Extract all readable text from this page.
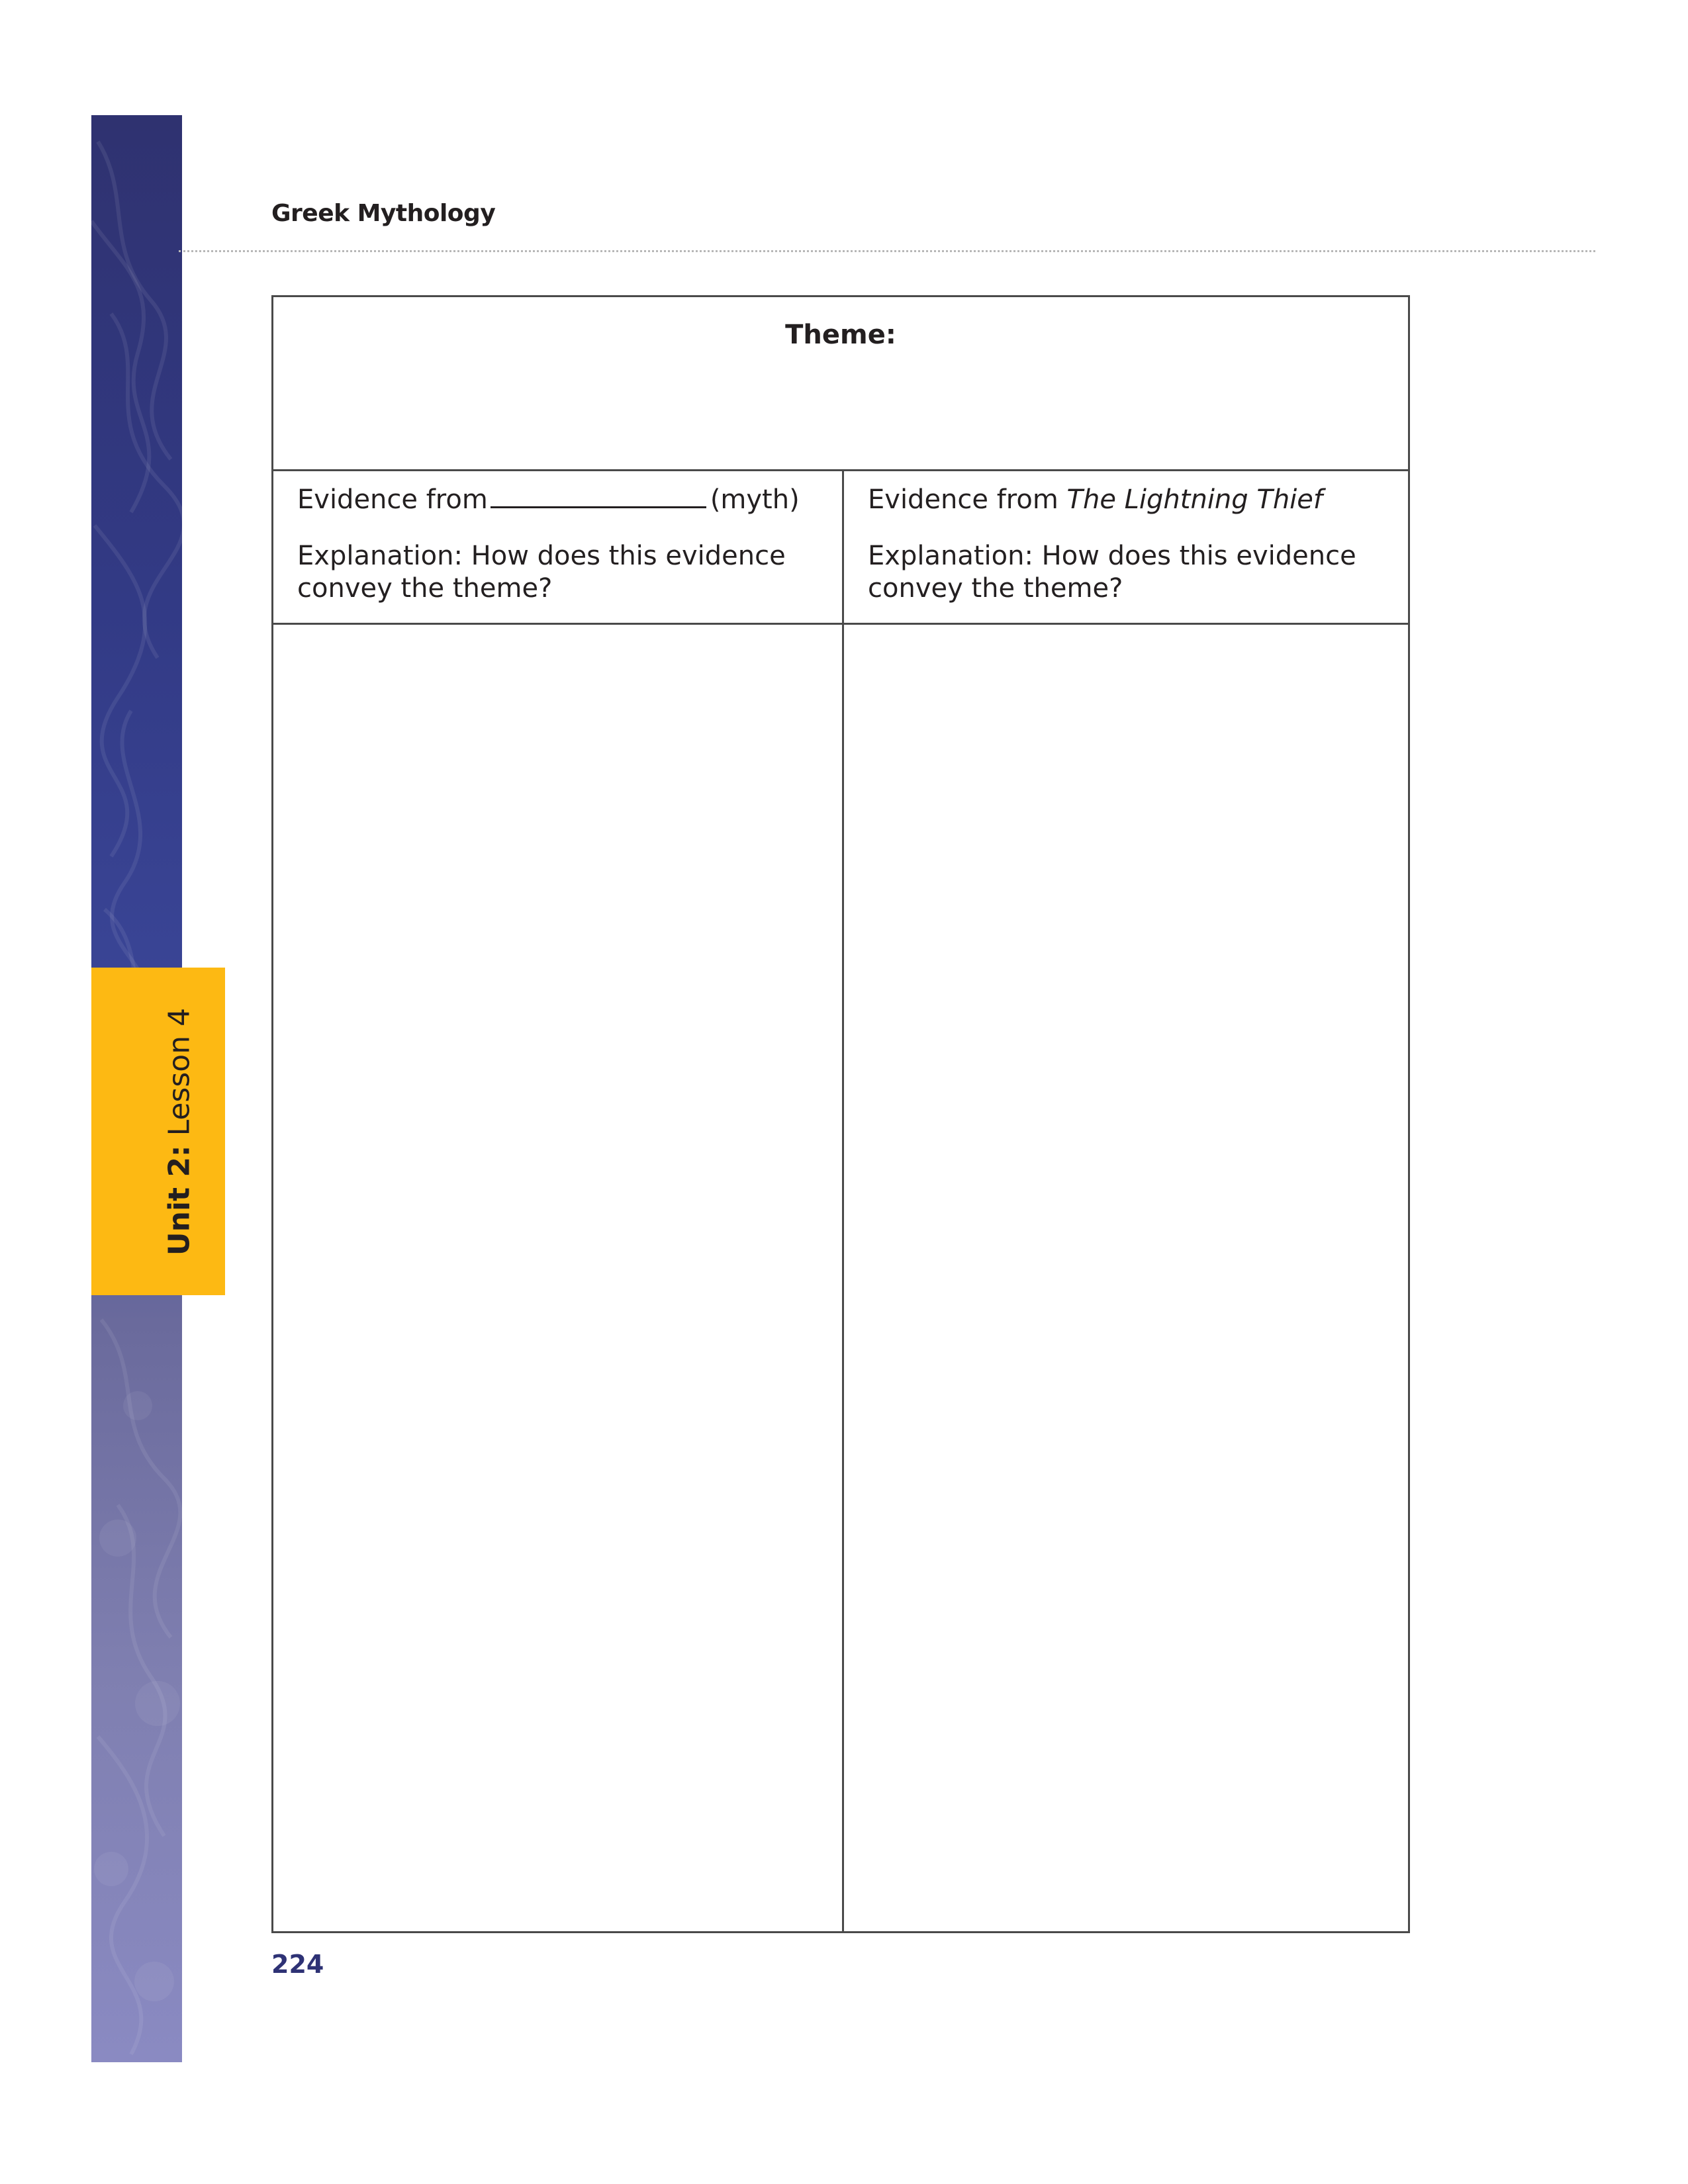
Unit 2: Lesson 4
Greek Mythology
Theme:
Evidence from	(myth)
Explanation: How does this evidence convey the theme?
Evidence from The Lightning Thief
Explanation: How does this evidence convey the theme?
224
